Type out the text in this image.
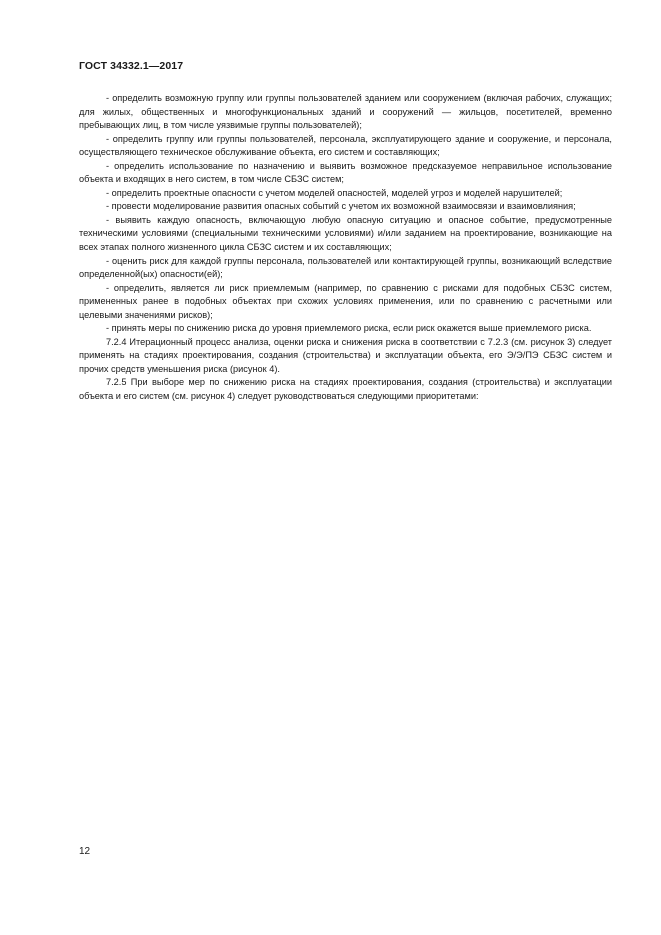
ГОСТ 34332.1—2017

- определить возможную группу или группы пользователей зданием или сооружением (включая рабочих, служащих; для жилых, общественных и многофункциональных зданий и сооружений — жильцов, посетителей, временно пребывающих лиц, в том числе уязвимые группы пользователей);

- определить группу или группы пользователей, персонала, эксплуатирующего здание и сооружение, и персонала, осуществляющего техническое обслуживание объекта, его систем и составляющих;

- определить использование по назначению и выявить возможное предсказуемое неправильное использование объекта и входящих в него систем, в том числе СБЗС систем;

- определить проектные опасности с учетом моделей опасностей, моделей угроз и моделей нарушителей;

- провести моделирование развития опасных событий с учетом их возможной взаимосвязи и взаимовлияния;

- выявить каждую опасность, включающую любую опасную ситуацию и опасное событие, предусмотренные техническими условиями (специальными техническими условиями) и/или заданием на проектирование, возникающие на всех этапах полного жизненного цикла СБЗС систем и их составляющих;

- оценить риск для каждой группы персонала, пользователей или контактирующей группы, возникающий вследствие определенной(ых) опасности(ей);

- определить, является ли риск приемлемым (например, по сравнению с рисками для подобных СБЗС систем, примененных ранее в подобных объектах при схожих условиях применения, или по сравнению с расчетными или целевыми значениями рисков);

- принять меры по снижению риска до уровня приемлемого риска, если риск окажется выше приемлемого риска.

7.2.4 Итерационный процесс анализа, оценки риска и снижения риска в соответствии с 7.2.3 (см. рисунок 3) следует применять на стадиях проектирования, создания (строительства) и эксплуатации объекта, его Э/Э/ПЭ СБЗС систем и прочих средств уменьшения риска (рисунок 4).

7.2.5 При выборе мер по снижению риска на стадиях проектирования, создания (строительства) и эксплуатации объекта и его систем (см. рисунок 4) следует руководствоваться следующими приоритетами:

12
